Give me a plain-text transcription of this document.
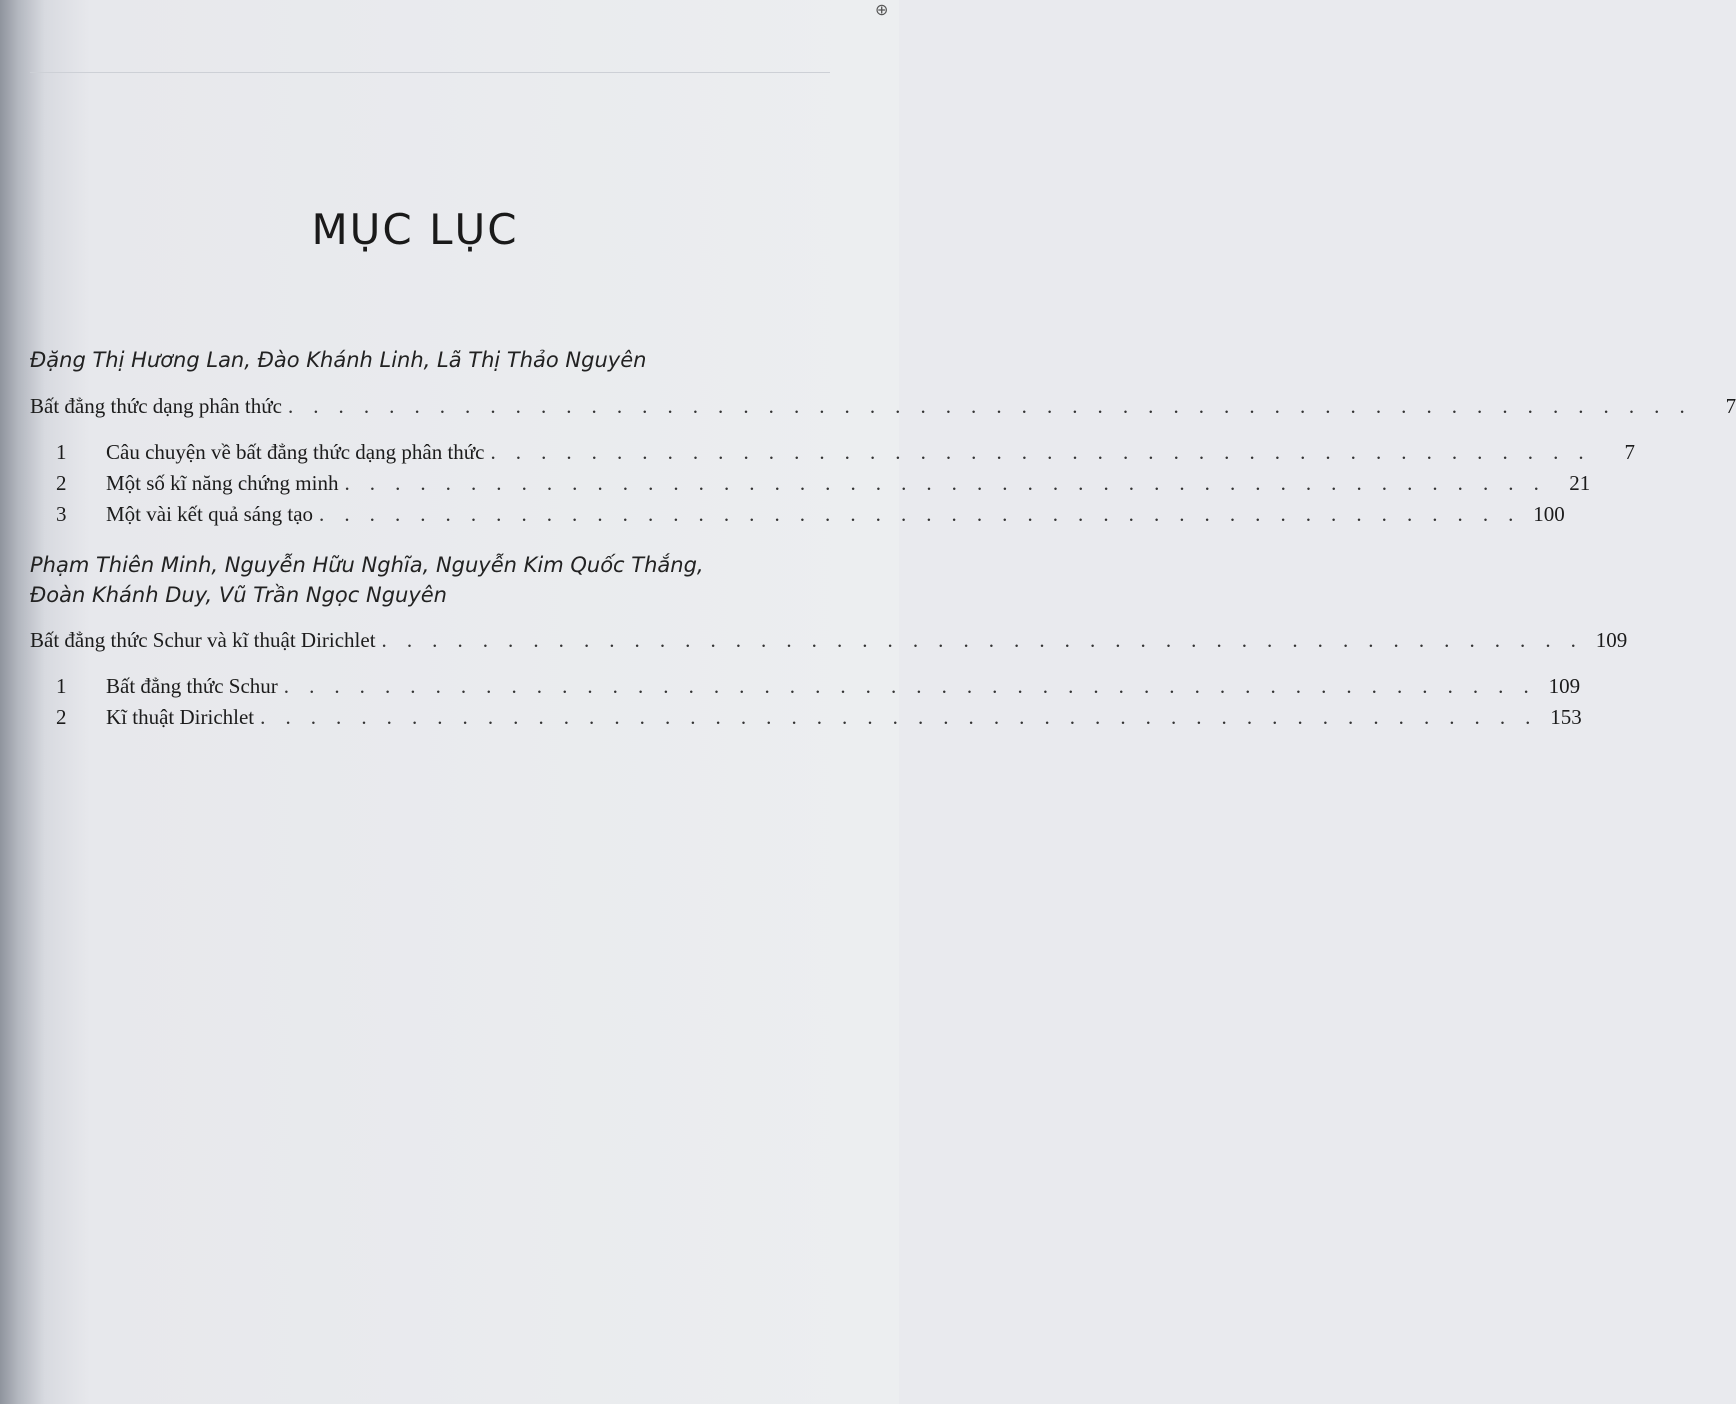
⊕
MỤC LỤC
Đặng Thị Hương Lan, Đào Khánh Linh, Lã Thị Thảo Nguyên
Bất đẳng thức dạng phân thức . . . . . . . . . . . . . . . . . . . . . . . . . . . . . . . . . . . . . . . . . . . . . . . . . . . . . . . .	7
1	Câu chuyện về bất đẳng thức dạng phân thức . . . . . . . . . . . . . . . . . . . . . . . . . . . . . . . . . . . . . . . . . . . .	7
2	Một số kĩ năng chứng minh . . . . . . . . . . . . . . . . . . . . . . . . . . . . . . . . . . . . . . . . . . . . . . . .	21
3	Một vài kết quả sáng tạo . . . . . . . . . . . . . . . . . . . . . . . . . . . . . . . . . . . . . . . . . . . . . . . . 100
Phạm Thiên Minh, Nguyễn Hữu Nghĩa, Nguyễn Kim Quốc Thắng,
Đoàn Khánh Duy, Vũ Trần Ngọc Nguyên
Bất đẳng thức Schur và kĩ thuật Dirichlet . . . . . . . . . . . . . . . . . . . . . . . . . . . . . . . . . . . . . . . . . . . . . . . . 109
1	Bất đẳng thức Schur . . . . . . . . . . . . . . . . . . . . . . . . . . . . . . . . . . . . . . . . . . . . . . . . . . 109
2	Kĩ thuật Dirichlet . . . . . . . . . . . . . . . . . . . . . . . . . . . . . . . . . . . . . . . . . . . . . . . . . . . 153
